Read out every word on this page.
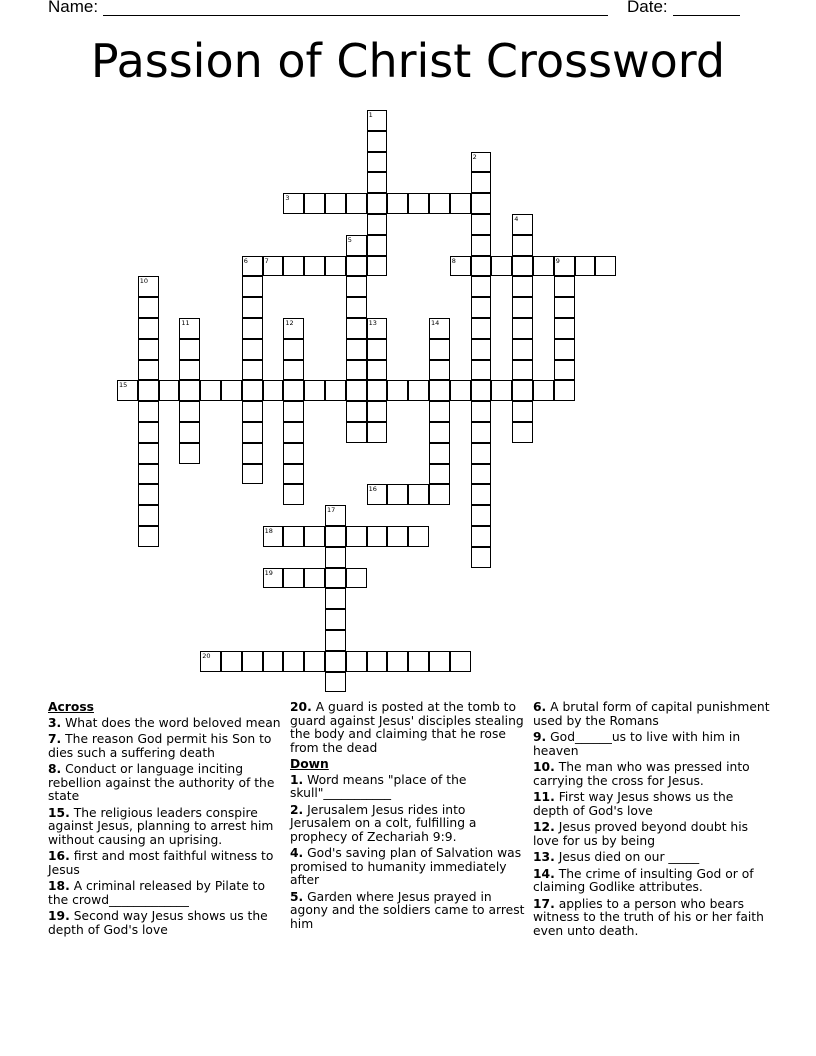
Name:	Date:
Passion of Christ Crossword
1
2
3
4
5
6	7	8	9
10
11	12	13	14
15
16
17
18
19
20
Across
3. What does the word beloved mean
7. The reason God permit his Son to dies such a suffering death
8. Conduct or language inciting rebellion against the authority of the state
15. The religious leaders conspire against Jesus, planning to arrest him without causing an uprising.
16. first and most faithful witness to Jesus
18. A criminal released by Pilate to the crowd_____________
19. Second way Jesus shows us the depth of God's love
20. A guard is posted at the tomb to guard against Jesus' disciples stealing the body and claiming that he rose from the dead
Down
1. Word means "place of the skull"___________
2. Jerusalem Jesus rides into Jerusalem on a colt, fulfilling a prophecy of Zechariah 9:9.
4. God's saving plan of Salvation was promised to humanity immediately after
5. Garden where Jesus prayed in agony and the soldiers came to arrest him
6. A brutal form of capital punishment used by the Romans
9. God______us to live with him in heaven
10. The man who was pressed into carrying the cross for Jesus.
11. First way Jesus shows us the depth of God's love
12. Jesus proved beyond doubt his love for us by being
13. Jesus died on our _____
14. The crime of insulting God or of claiming Godlike attributes.
17. applies to a person who bears witness to the truth of his or her faith even unto death.
